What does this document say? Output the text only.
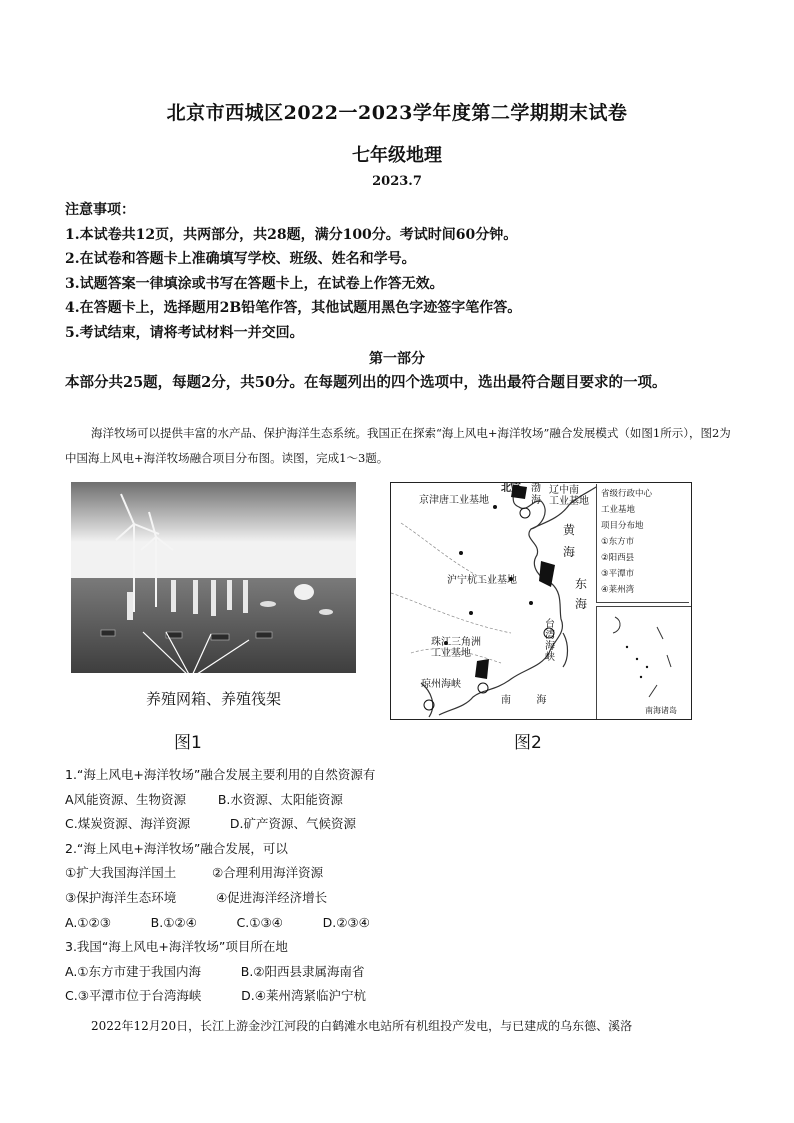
北京市西城区2022一2023学年度第二学期期末试卷
七年级地理
2023.7
注意事项：
1.本试卷共12页，共两部分，共28题，满分100分。考试时间60分钟。
2.在试卷和答题卡上准确填写学校、班级、姓名和学号。
3.试题答案一律填涂或书写在答题卡上，在试卷上作答无效。
4.在答题卡上，选择题用2B铅笔作答，其他试题用黑色字迹签字笔作答。
5.考试结束，请将考试材料一并交回。
第一部分
本部分共25题，每题2分，共50分。在每题列出的四个选项中，选出最符合题目要求的一项。
海洋牧场可以提供丰富的水产品、保护海洋生态系统。我国正在探索“海上风电+海洋牧场”融合发展模式（如图1所示），图2为中国海上风电+海洋牧场融合项目分布图。读图，完成1～3题。
养殖网箱、养殖筏架
北京
京津唐工业基地
辽中南
工业基地
渤
海
黄
海
东
海
沪宁杭工业基地
珠江三角洲
工业基地
台
湾
海
峡
琼州海峡
南        海
省级行政中心
工业基地
项目分布地
①东方市
②阳西县
③平潭市
④莱州湾
南海诸岛
图1	图2
1.“海上风电+海洋牧场”融合发展主要利用的自然资源有
A风能资源、生物资源        B.水资源、太阳能资源
C.煤炭资源、海洋资源          D.矿产资源、气候资源
2.“海上风电+海洋牧场”融合发展，可以
①扩大我国海洋国土         ②合理利用海洋资源
③保护海洋生态环境          ④促进海洋经济增长
A.①②③          B.①②④          C.①③④          D.②③④
3.我国“海上风电+海洋牧场”项目所在地
A.①东方市建于我国内海          B.②阳西县隶属海南省
C.③平潭市位于台湾海峡          D.④莱州湾紧临沪宁杭
2022年12月20日，长江上游金沙江河段的白鹤滩水电站所有机组投产发电，与已建成的乌东德、溪洛
